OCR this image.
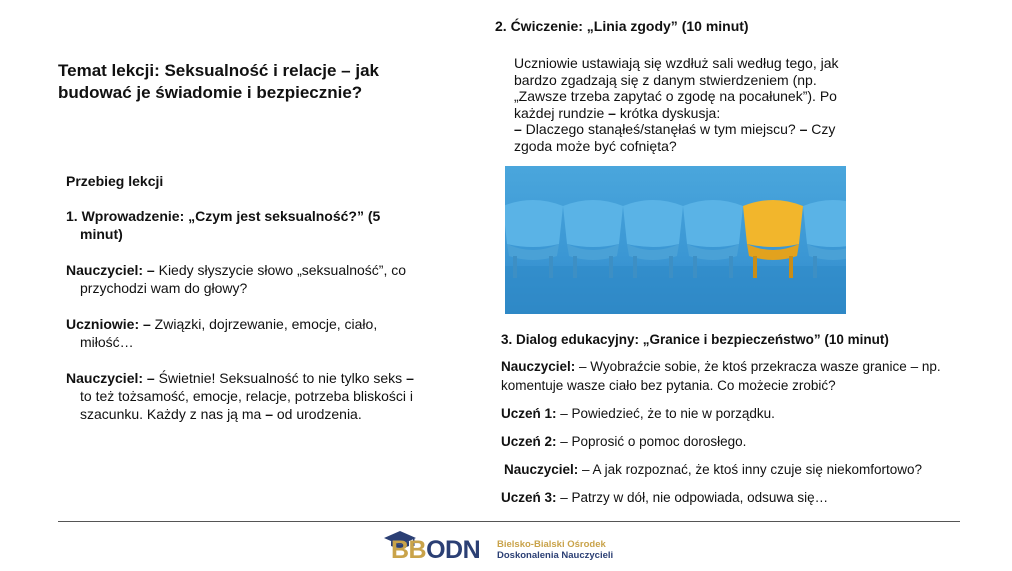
Temat lekcji: Seksualność i relacje – jak budować je świadomie i bezpiecznie?
Przebieg lekcji
1. Wprowadzenie: „Czym jest seksualność?” (5 minut)
Nauczyciel: – Kiedy słyszycie słowo „seksualność”, co przychodzi wam do głowy?
Uczniowie: – Związki, dojrzewanie, emocje, ciało, miłość…
Nauczyciel: – Świetnie! Seksualność to nie tylko seks – to też tożsamość, emocje, relacje, potrzeba bliskości i szacunku. Każdy z nas ją ma – od urodzenia.
2. Ćwiczenie: „Linia zgody” (10 minut)
Uczniowie ustawiają się wzdłuż sali według tego, jak bardzo zgadzają się z danym stwierdzeniem (np. „Zawsze trzeba zapytać o zgodę na pocałunek”). Po każdej rundzie – krótka dyskusja:
– Dlaczego stanąłeś/stanęłaś w tym miejscu? – Czy zgoda może być cofnięta?
3. Dialog edukacyjny: „Granice i bezpieczeństwo” (10 minut)
Nauczyciel: – Wyobraźcie sobie, że ktoś przekracza wasze granice – np. komentuje wasze ciało bez pytania. Co możecie zrobić?
Uczeń 1: – Powiedzieć, że to nie w porządku.
Uczeń 2: – Poprosić o pomoc dorosłego.
Nauczyciel: – A jak rozpoznać, że ktoś inny czuje się niekomfortowo?
Uczeń 3: – Patrzy w dół, nie odpowiada, odsuwa się…
BBODN Bielsko-Bialski Ośrodek
Doskonalenia Nauczycieli
